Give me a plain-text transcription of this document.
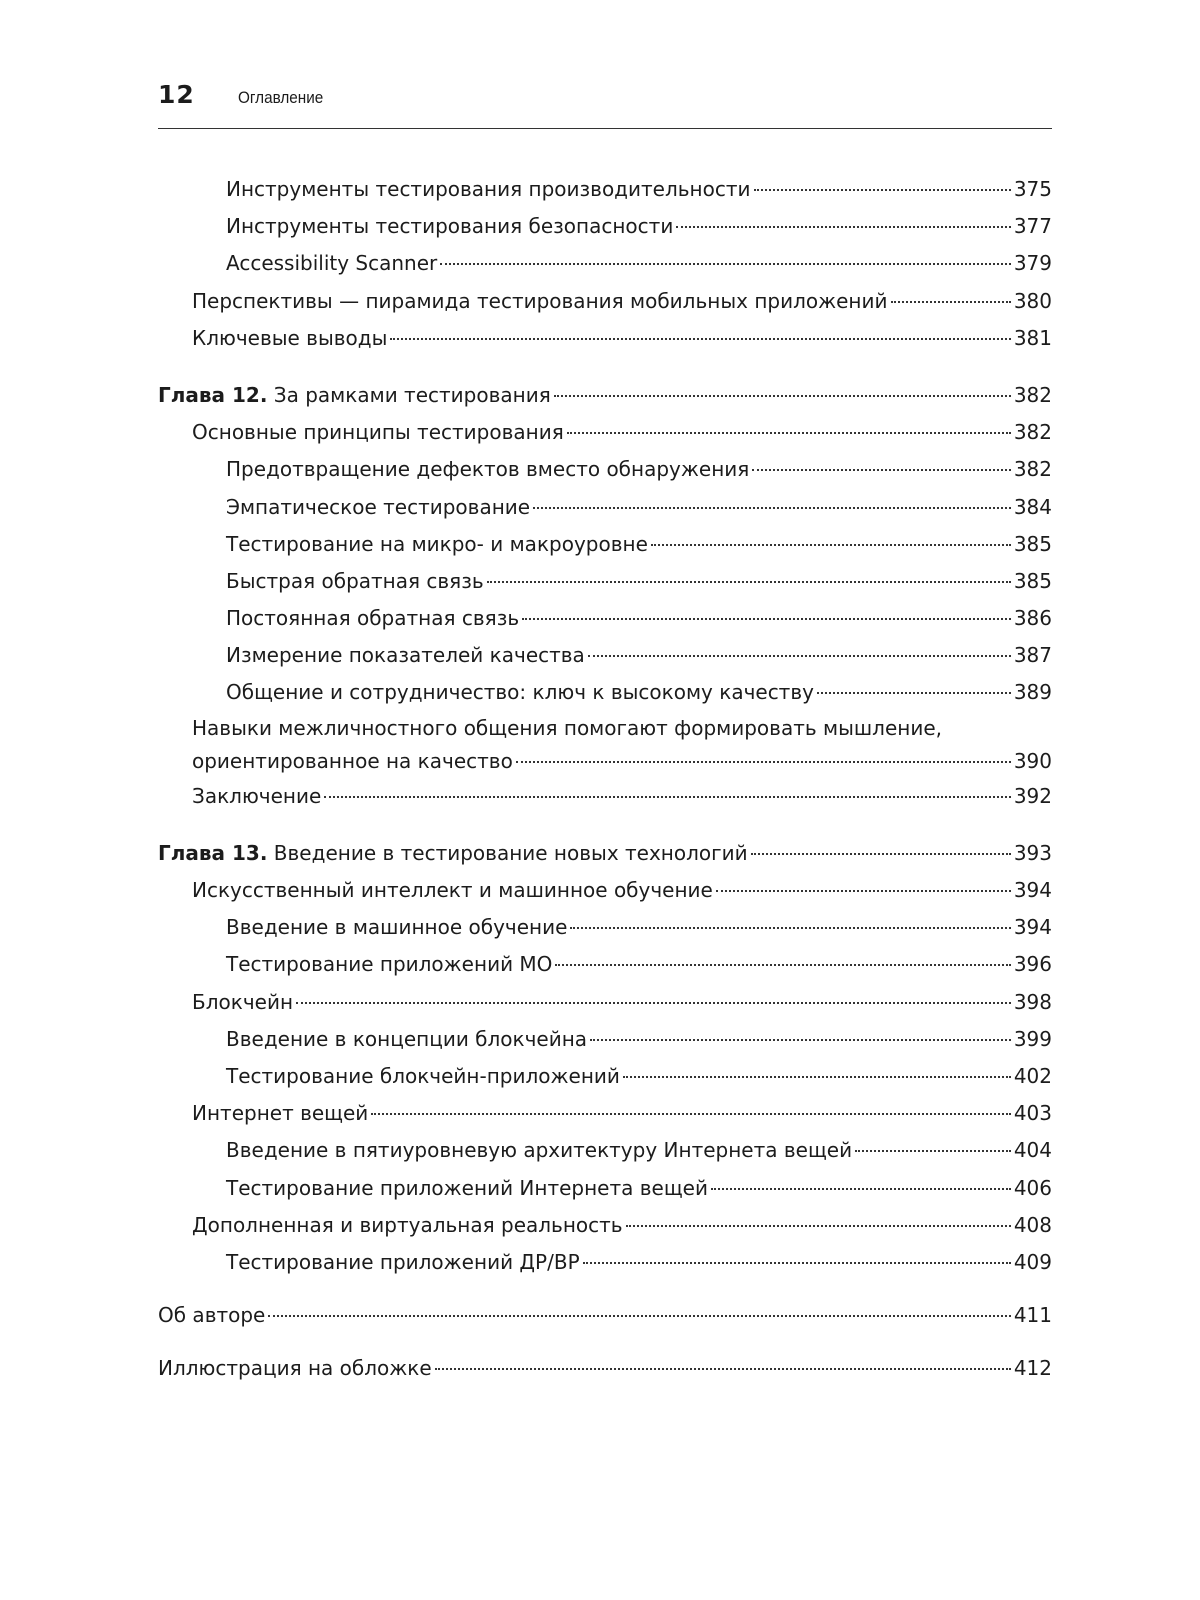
12	Оглавление
Инструменты тестирования производительности	375
Инструменты тестирования безопасности	377
Accessibility Scanner	379
Перспективы — пирамида тестирования мобильных приложений	380
Ключевые выводы	381
Глава 12. За рамками тестирования	382
Основные принципы тестирования	382
Предотвращение дефектов вместо обнаружения	382
Эмпатическое тестирование	384
Тестирование на микро- и макроуровне	385
Быстрая обратная связь	385
Постоянная обратная связь	386
Измерение показателей качества	387
Общение и сотрудничество: ключ к высокому качеству	389
Навыки межличностного общения помогают формировать мышление,
ориентированное на качество	390
Заключение	392
Глава 13. Введение в тестирование новых технологий	393
Искусственный интеллект и машинное обучение	394
Введение в машинное обучение	394
Тестирование приложений МО	396
Блокчейн	398
Введение в концепции блокчейна	399
Тестирование блокчейн-приложений	402
Интернет вещей	403
Введение в пятиуровневую архитектуру Интернета вещей	404
Тестирование приложений Интернета вещей	406
Дополненная и виртуальная реальность	408
Тестирование приложений ДР/ВР	409
Об авторе	411
Иллюстрация на обложке	412
